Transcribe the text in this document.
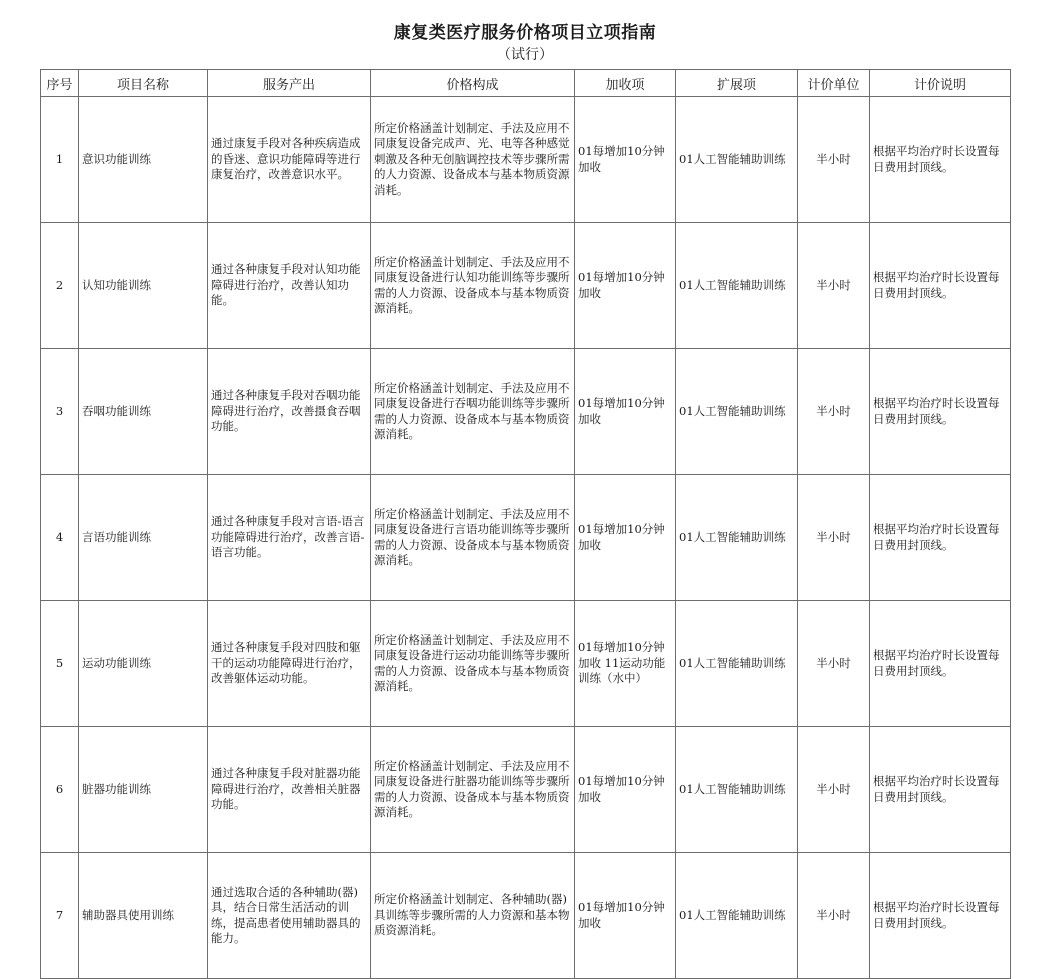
康复类医疗服务价格项目立项指南
（试行）
序号	项目名称	服务产出	价格构成	加收项	扩展项	计价单位	计价说明
1	意识功能训练	通过康复手段对各种疾病造成的昏迷、意识功能障碍等进行康复治疗，改善意识水平。	所定价格涵盖计划制定、手法及应用不同康复设备完成声、光、电等各种感觉刺激及各种无创脑调控技术等步骤所需的人力资源、设备成本与基本物质资源消耗。	01每增加10分钟加收	01人工智能辅助训练	半小时	根据平均治疗时长设置每日费用封顶线。
2	认知功能训练	通过各种康复手段对认知功能障碍进行治疗，改善认知功能。	所定价格涵盖计划制定、手法及应用不同康复设备进行认知功能训练等步骤所需的人力资源、设备成本与基本物质资源消耗。	01每增加10分钟加收	01人工智能辅助训练	半小时	根据平均治疗时长设置每日费用封顶线。
3	吞咽功能训练	通过各种康复手段对吞咽功能障碍进行治疗，改善摄食吞咽功能。	所定价格涵盖计划制定、手法及应用不同康复设备进行吞咽功能训练等步骤所需的人力资源、设备成本与基本物质资源消耗。	01每增加10分钟加收	01人工智能辅助训练	半小时	根据平均治疗时长设置每日费用封顶线。
4	言语功能训练	通过各种康复手段对言语-语言功能障碍进行治疗，改善言语-语言功能。	所定价格涵盖计划制定、手法及应用不同康复设备进行言语功能训练等步骤所需的人力资源、设备成本与基本物质资源消耗。	01每增加10分钟加收	01人工智能辅助训练	半小时	根据平均治疗时长设置每日费用封顶线。
5	运动功能训练	通过各种康复手段对四肢和躯干的运动功能障碍进行治疗，改善躯体运动功能。	所定价格涵盖计划制定、手法及应用不同康复设备进行运动功能训练等步骤所需的人力资源、设备成本与基本物质资源消耗。	01每增加10分钟加收 11运动功能训练（水中）	01人工智能辅助训练	半小时	根据平均治疗时长设置每日费用封顶线。
6	脏器功能训练	通过各种康复手段对脏器功能障碍进行治疗，改善相关脏器功能。	所定价格涵盖计划制定、手法及应用不同康复设备进行脏器功能训练等步骤所需的人力资源、设备成本与基本物质资源消耗。	01每增加10分钟加收	01人工智能辅助训练	半小时	根据平均治疗时长设置每日费用封顶线。
7	辅助器具使用训练	通过选取合适的各种辅助(器)具，结合日常生活活动的训练，提高患者使用辅助器具的能力。	所定价格涵盖计划制定、各种辅助(器)具训练等步骤所需的人力资源和基本物质资源消耗。	01每增加10分钟加收	01人工智能辅助训练	半小时	根据平均治疗时长设置每日费用封顶线。
